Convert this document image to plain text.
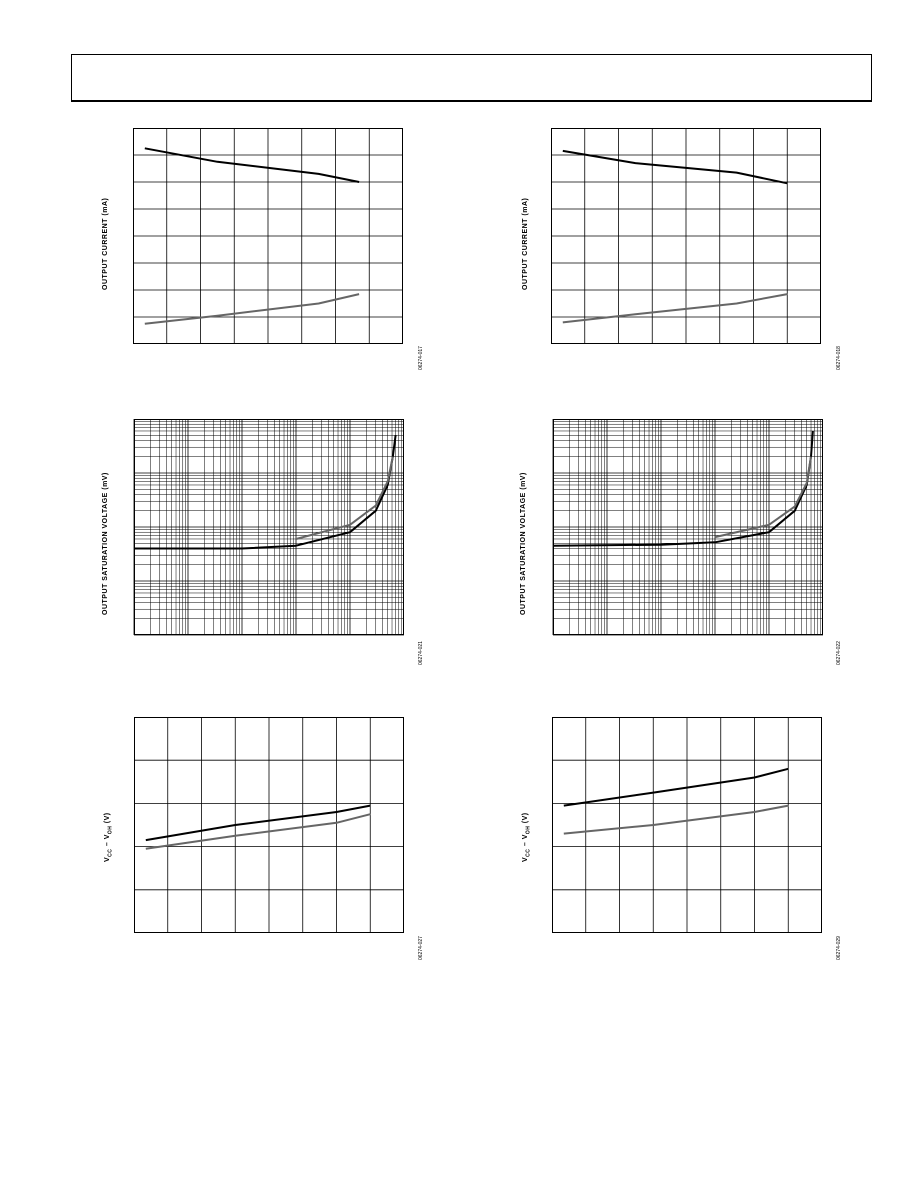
OUTPUT CURRENT (mA)
06274-017
OUTPUT CURRENT (mA)
06274-018
OUTPUT SATURATION VOLTAGE (mV)
06274-021
OUTPUT SATURATION VOLTAGE (mV)
06274-022
$V_{CC} - V_{OH}$ (V)
06274-027
$V_{CC} - V_{OH}$ (V)
06274-029
